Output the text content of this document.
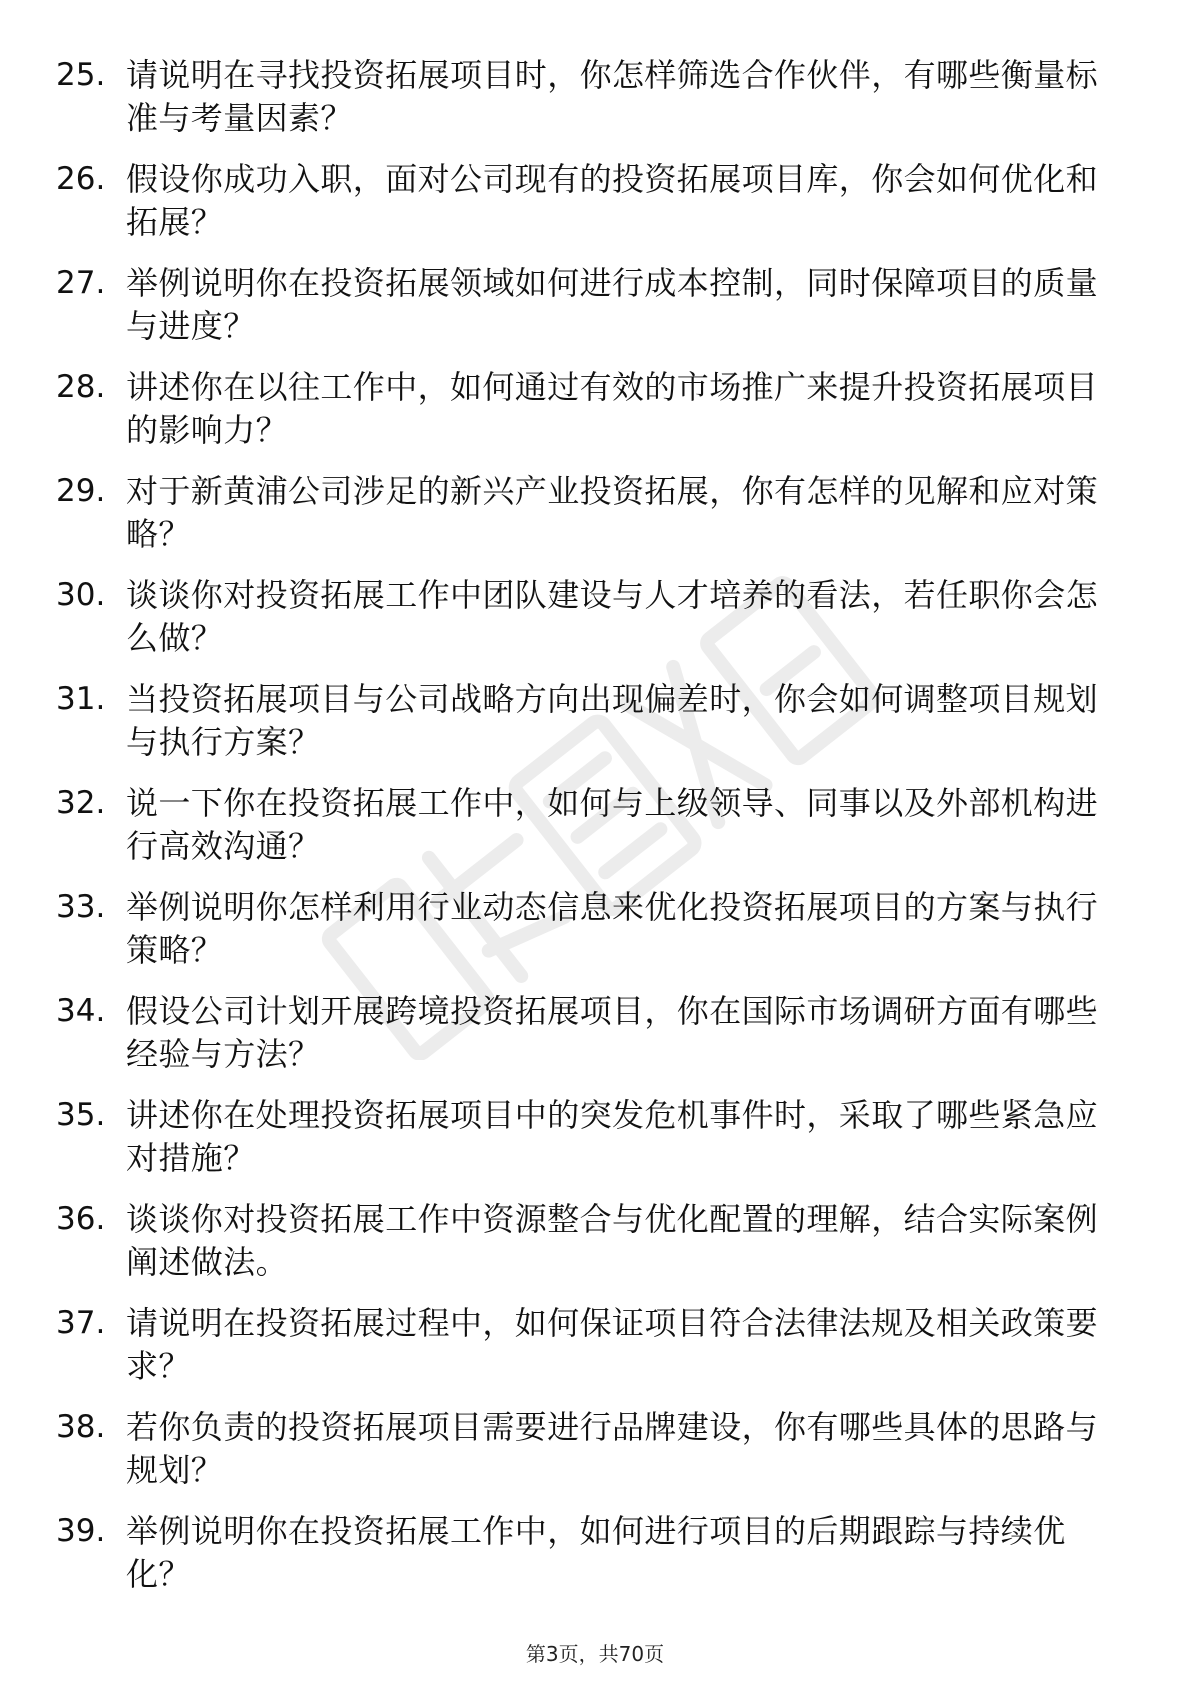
25. 请说明在寻找投资拓展项目时，你怎样筛选合作伙伴，有哪些衡量标准与考量因素？
26. 假设你成功入职，面对公司现有的投资拓展项目库，你会如何优化和拓展？
27. 举例说明你在投资拓展领域如何进行成本控制，同时保障项目的质量与进度？
28. 讲述你在以往工作中，如何通过有效的市场推广来提升投资拓展项目的影响力？
29. 对于新黄浦公司涉足的新兴产业投资拓展，你有怎样的见解和应对策略？
30. 谈谈你对投资拓展工作中团队建设与人才培养的看法，若任职你会怎么做？
31. 当投资拓展项目与公司战略方向出现偏差时，你会如何调整项目规划与执行方案？
32. 说一下你在投资拓展工作中，如何与上级领导、同事以及外部机构进行高效沟通？
33. 举例说明你怎样利用行业动态信息来优化投资拓展项目的方案与执行策略？
34. 假设公司计划开展跨境投资拓展项目，你在国际市场调研方面有哪些经验与方法？
35. 讲述你在处理投资拓展项目中的突发危机事件时，采取了哪些紧急应对措施？
36. 谈谈你对投资拓展工作中资源整合与优化配置的理解，结合实际案例阐述做法。
37. 请说明在投资拓展过程中，如何保证项目符合法律法规及相关政策要求？
38. 若你负责的投资拓展项目需要进行品牌建设，你有哪些具体的思路与规划？
39. 举例说明你在投资拓展工作中，如何进行项目的后期跟踪与持续优化？
第3页，共70页
